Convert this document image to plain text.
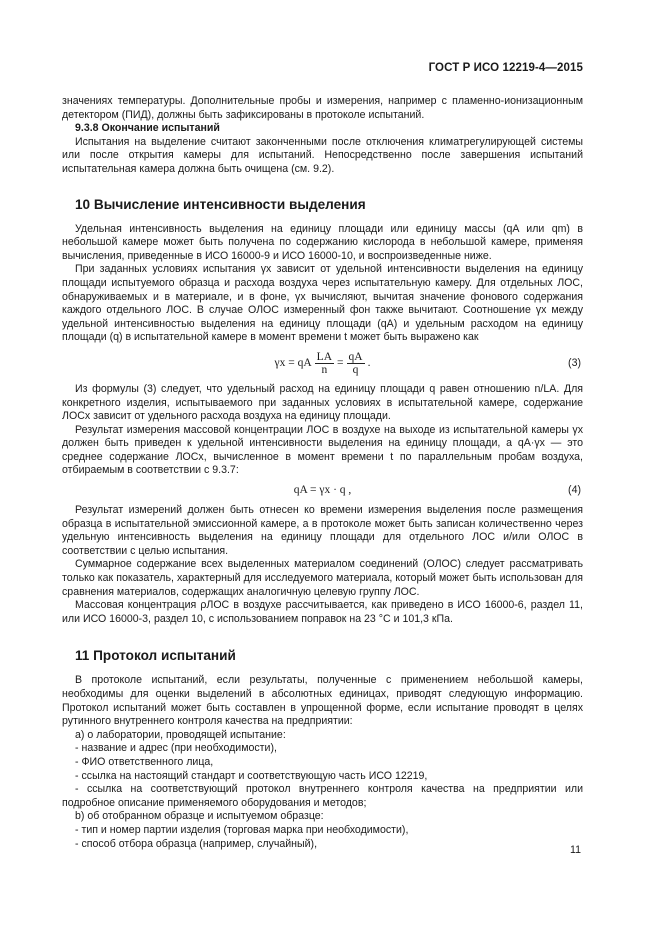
ГОСТ Р ИСО 12219-4—2015

значениях температуры. Дополнительные пробы и измерения, например с пламенно-ионизационным детектором (ПИД), должны быть зафиксированы в протоколе испытаний.

9.3.8 Окончание испытаний

Испытания на выделение считают законченными после отключения климатрегулирующей системы или после открытия камеры для испытаний. Непосредственно после завершения испытаний испытательная камера должна быть очищена (см. 9.2).

10 Вычисление интенсивности выделения

Удельная интенсивность выделения на единицу площади или единицу массы (qA или qm) в небольшой камере может быть получена по содержанию кислорода в небольшой камере, применяя вычисления, приведенные в ИСО 16000-9 и ИСО 16000-10, и воспроизведенные ниже.

При заданных условиях испытания γx зависит от удельной интенсивности выделения на единицу площади испытуемого образца и расхода воздуха через испытательную камеру. Для отдельных ЛОС, обнаруживаемых и в материале, и в фоне, γx вычисляют, вычитая значение фонового содержания каждого отдельного ЛОС. В случае ОЛОС измеренный фон также вычитают. Соотношение γx между удельной интенсивностью выделения на единицу площади (qA) и удельным расходом на единицу площади (q) в испытательной камере в момент времени t может быть выражено как

γx = qA $\frac{LA}{n} = \frac{qA}{q}$ .	(3)

Из формулы (3) следует, что удельный расход на единицу площади q равен отношению n/LA. Для конкретного изделия, испытываемого при заданных условиях в испытательной камере, содержание ЛОСx зависит от удельного расхода воздуха на единицу площади.

Результат измерения массовой концентрации ЛОС в воздухе на выходе из испытательной камеры γx должен быть приведен к удельной интенсивности выделения на единицу площади, а qA·γx — это среднее содержание ЛОСx, вычисленное в момент времени t по параллельным пробам воздуха, отбираемым в соответствии с 9.3.7:

qA = γx · q ,	(4)

Результат измерений должен быть отнесен ко времени измерения выделения после размещения образца в испытательной эмиссионной камере, а в протоколе может быть записан количественно через удельную интенсивность выделения на единицу площади для отдельного ЛОС и/или ОЛОС в соответствии с целью испытания.

Суммарное содержание всех выделенных материалом соединений (ОЛОС) следует рассматривать только как показатель, характерный для исследуемого материала, который может быть использован для сравнения материалов, содержащих аналогичную целевую группу ЛОС.

Массовая концентрация ρЛОС в воздухе рассчитывается, как приведено в ИСО 16000-6, раздел 11, или ИСО 16000-3, раздел 10, с использованием поправок на 23 °С и 101,3 кПа.

11 Протокол испытаний

В протоколе испытаний, если результаты, полученные с применением небольшой камеры, необходимы для оценки выделений в абсолютных единицах, приводят следующую информацию. Протокол испытаний может быть составлен в упрощенной форме, если испытание проводят в целях рутинного внутреннего контроля качества на предприятии:

а) о лаборатории, проводящей испытание:

- название и адрес (при необходимости),

- ФИО ответственного лица,

- ссылка на настоящий стандарт и соответствующую часть ИСО 12219,

- ссылка на соответствующий протокол внутреннего контроля качества на предприятии или подробное описание применяемого оборудования и методов;

b) об отобранном образце и испытуемом образце:

- тип и номер партии изделия (торговая марка при необходимости),

- способ отбора образца (например, случайный),

11
